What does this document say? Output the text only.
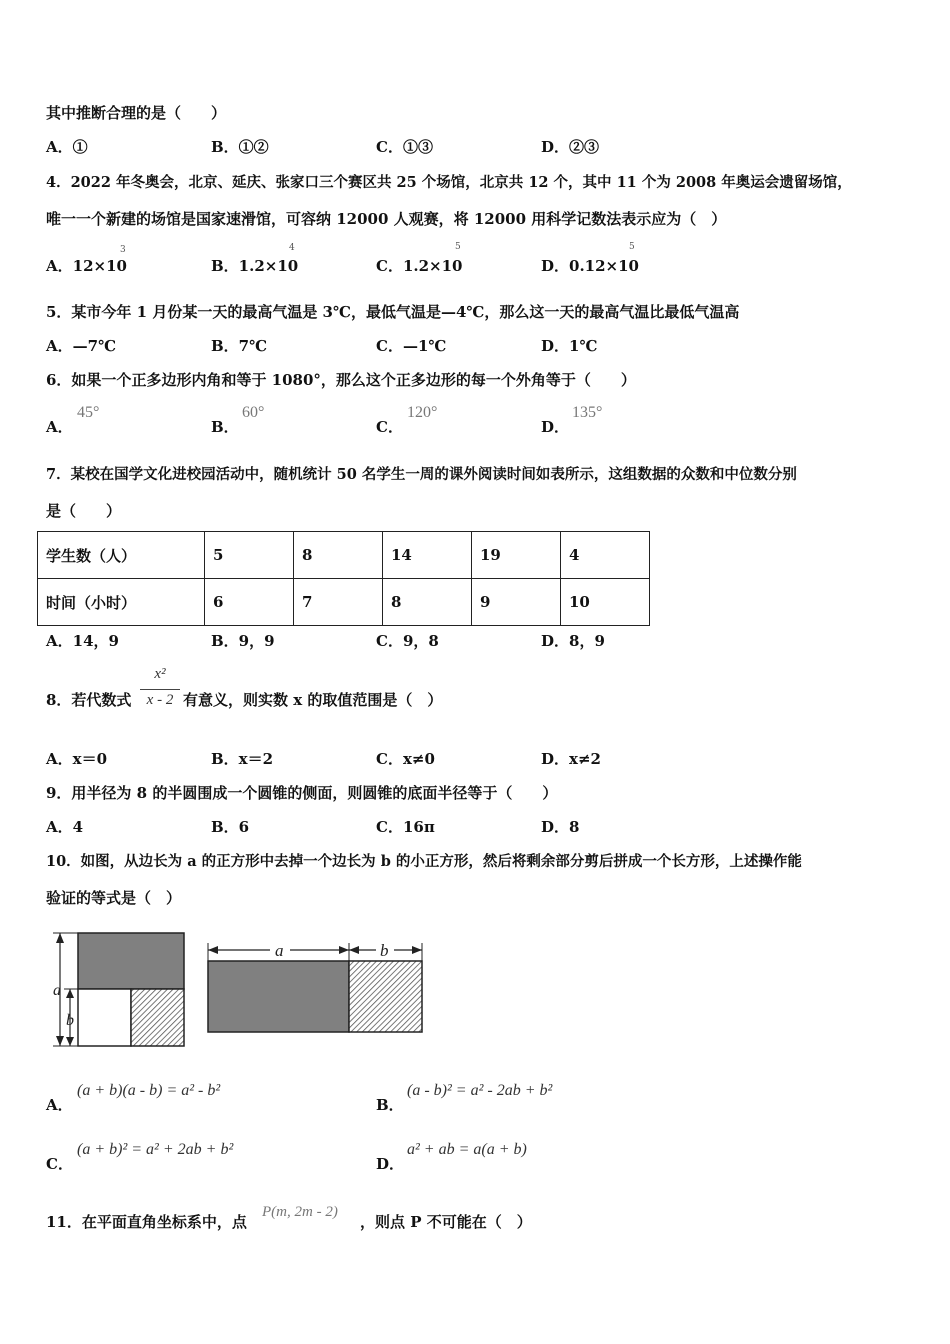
其中推断合理的是（　　）
A．①	B．①②	C．①③	D．②③
4．2022 年冬奥会，北京、延庆、张家口三个赛区共 25 个场馆，北京共 12 个，其中 11 个为 2008 年奥运会遗留场馆，
唯一一个新建的场馆是国家速滑馆，可容纳 12000 人观赛，将 12000 用科学记数法表示应为（　）
A．12×10
3
B．1.2×10
4
C．1.2×10
5
D．0.12×10
5
5．某市今年 1 月份某一天的最高气温是 3℃，最低气温是—4℃，那么这一天的最高气温比最低气温高
A．—7℃	B．7℃	C．—1℃	D．1℃
6．如果一个正多边形内角和等于 1080°，那么这个正多边形的每一个外角等于（　　）
A．
45°
B．
60°
C．
120°
D．
135°
7．某校在国学文化进校园活动中，随机统计 50 名学生一周的课外阅读时间如表所示，这组数据的众数和中位数分别
是（　　）
学生数（人）	5	8	14	19	4
时间（小时）	6	7	8	9	10
A．14，9	B．9，9	C．9，8	D．8，9
8．若代数式
x²
x - 2 有意义，则实数 x 的取值范围是（　）
A．x＝0	B．x＝2	C．x≠0	D．x≠2
9．用半径为 8 的半圆围成一个圆锥的侧面，则圆锥的底面半径等于（　　）
A．4	B．6	C．16π	D．8
10．如图，从边长为 a 的正方形中去掉一个边长为 b 的小正方形，然后将剩余部分剪后拼成一个长方形，上述操作能
验证的等式是（　）
a
b
a	b
A．
(a + b)(a - b) = a² - b²
B．
(a - b)² = a² - 2ab + b²
C．
(a + b)² = a² + 2ab + b²
D．
a² + ab = a(a + b)
11．在平面直角坐标系中，点
P(m, 2m - 2)
，则点 P 不可能在（　）
